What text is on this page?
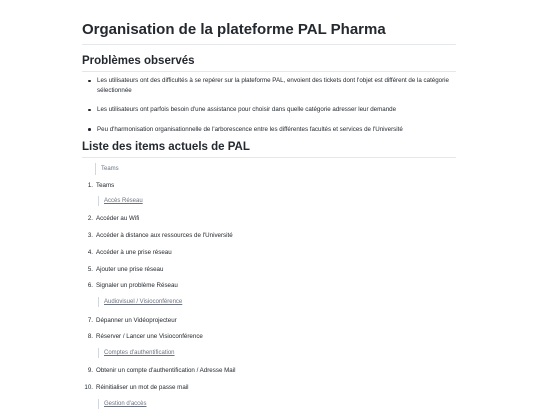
Organisation de la plateforme PAL Pharma
Problèmes observés
Les utilisateurs ont des difficultés à se repérer sur la plateforme PAL, envoient des tickets dont l'objet est différent de la catégorie sélectionnée
Les utilisateurs ont parfois besoin d'une assistance pour choisir dans quelle catégorie adresser leur demande
Peu d'harmonisation organisationnelle de l'arborescence entre les différentes facultés et services de l'Université
Liste des items actuels de PAL
Teams
1. Teams
Accès Réseau
2. Accéder au Wifi
3. Accéder à distance aux ressources de l'Université
4. Accéder à une prise réseau
5. Ajouter une prise réseau
6. Signaler un problème Réseau
Audiovisuel / Visioconférence
7. Dépanner un Vidéoprojecteur
8. Réserver / Lancer une Visioconférence
Comptes d'authentification
9. Obtenir un compte d'authentification / Adresse Mail
10. Réinitialiser un mot de passe mail
Gestion d'accès
